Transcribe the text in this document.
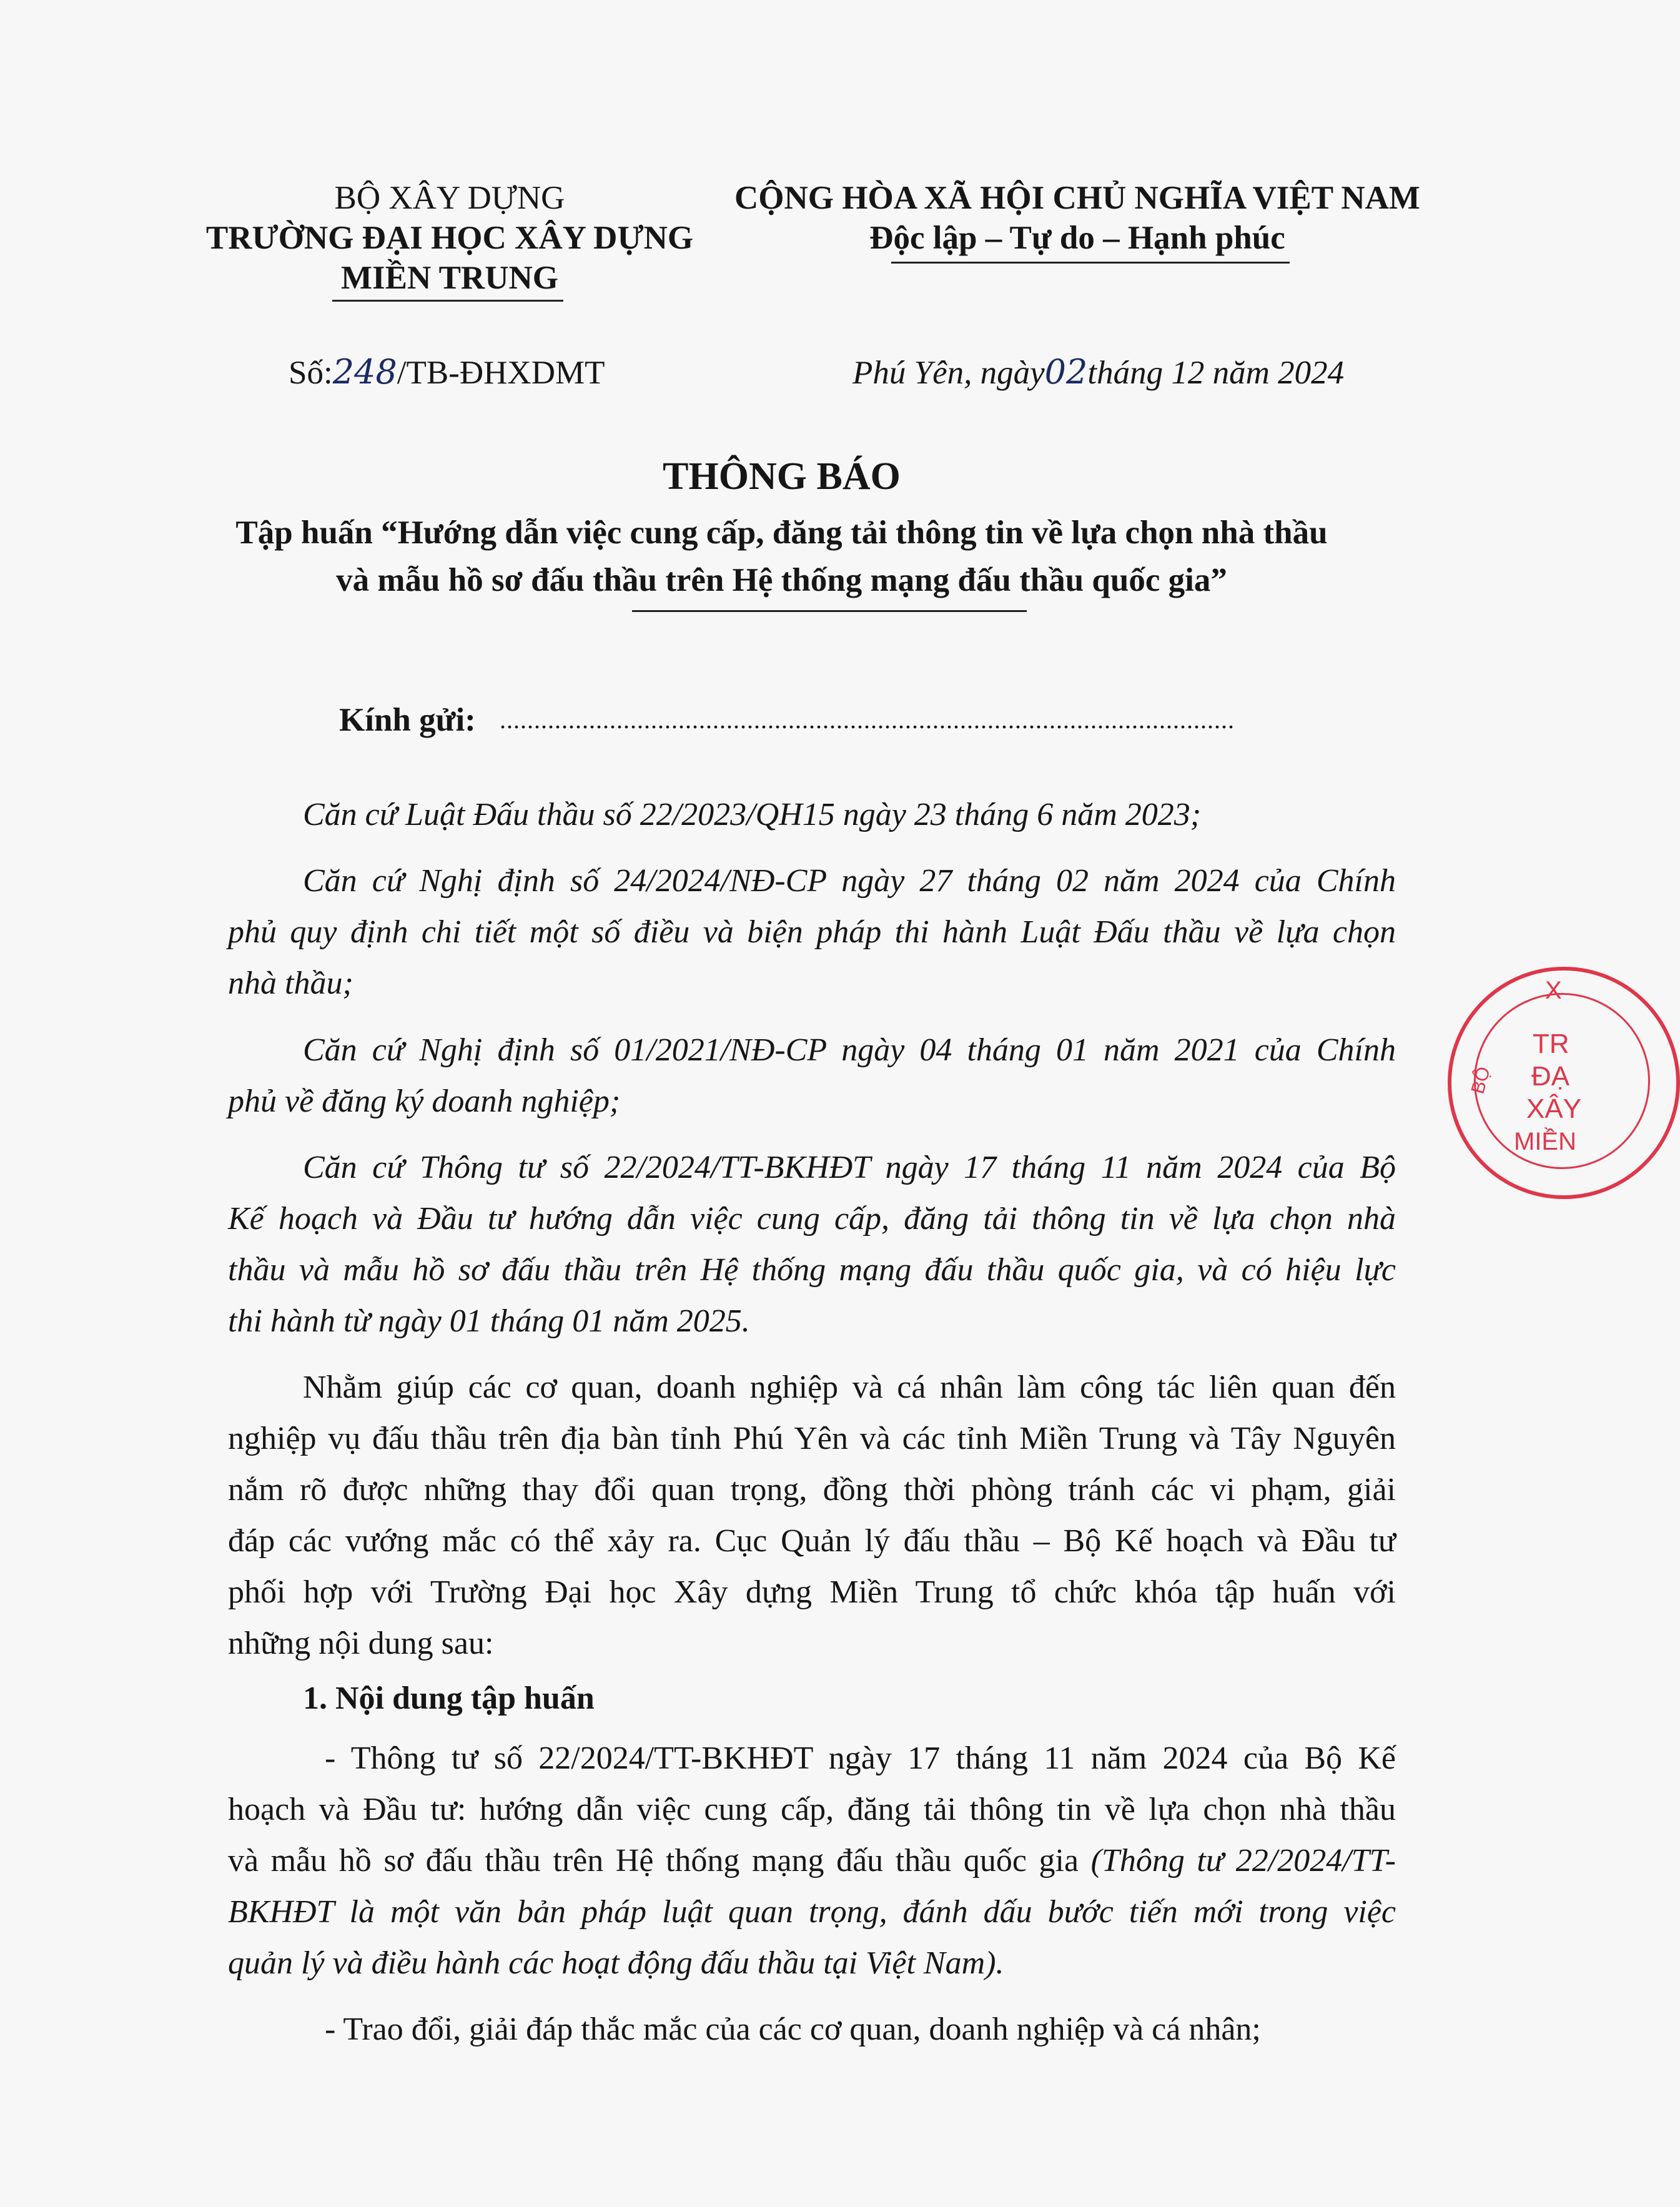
BỘ XÂY DỰNG
TRƯỜNG ĐẠI HỌC XÂY DỰNG
MIỀN TRUNG
CỘNG HÒA XÃ HỘI CHỦ NGHĨA VIỆT NAM
Độc lập – Tự do – Hạnh phúc
Số:248/TB-ĐHXDMT	Phú Yên, ngày02tháng 12 năm 2024
THÔNG BÁO
Tập huấn “Hướng dẫn việc cung cấp, đăng tải thông tin về lựa chọn nhà thầu
và mẫu hồ sơ đấu thầu trên Hệ thống mạng đấu thầu quốc gia”
Kính gửi: ...........................................................................................................
Căn cứ Luật Đấu thầu số 22/2023/QH15 ngày 23 tháng 6 năm 2023;
Căn cứ Nghị định số 24/2024/NĐ-CP ngày 27 tháng 02 năm 2024 của Chính
phủ quy định chi tiết một số điều và biện pháp thi hành Luật Đấu thầu về lựa chọn
nhà thầu;
Căn cứ Nghị định số 01/2021/NĐ-CP ngày 04 tháng 01 năm 2021 của Chính
phủ về đăng ký doanh nghiệp;
Căn cứ Thông tư số 22/2024/TT-BKHĐT ngày 17 tháng 11 năm 2024 của Bộ
Kế hoạch và Đầu tư hướng dẫn việc cung cấp, đăng tải thông tin về lựa chọn nhà
thầu và mẫu hồ sơ đấu thầu trên Hệ thống mạng đấu thầu quốc gia, và có hiệu lực
thi hành từ ngày 01 tháng 01 năm 2025.
Nhằm giúp các cơ quan, doanh nghiệp và cá nhân làm công tác liên quan đến
nghiệp vụ đấu thầu trên địa bàn tỉnh Phú Yên và các tỉnh Miền Trung và Tây Nguyên
nắm rõ được những thay đổi quan trọng, đồng thời phòng tránh các vi phạm, giải
đáp các vướng mắc có thể xảy ra. Cục Quản lý đấu thầu – Bộ Kế hoạch và Đầu tư
phối hợp với Trường Đại học Xây dựng Miền Trung tổ chức khóa tập huấn với
những nội dung sau:
1. Nội dung tập huấn
- Thông tư số 22/2024/TT-BKHĐT ngày 17 tháng 11 năm 2024 của Bộ Kế
hoạch và Đầu tư: hướng dẫn việc cung cấp, đăng tải thông tin về lựa chọn nhà thầu
và mẫu hồ sơ đấu thầu trên Hệ thống mạng đấu thầu quốc gia (Thông tư 22/2024/TT-
BKHĐT là một văn bản pháp luật quan trọng, đánh dấu bước tiến mới trong việc
quản lý và điều hành các hoạt động đấu thầu tại Việt Nam).
- Trao đổi, giải đáp thắc mắc của các cơ quan, doanh nghiệp và cá nhân;
X
TR
ĐẠ
XÂY
MIỀN
BỘ
